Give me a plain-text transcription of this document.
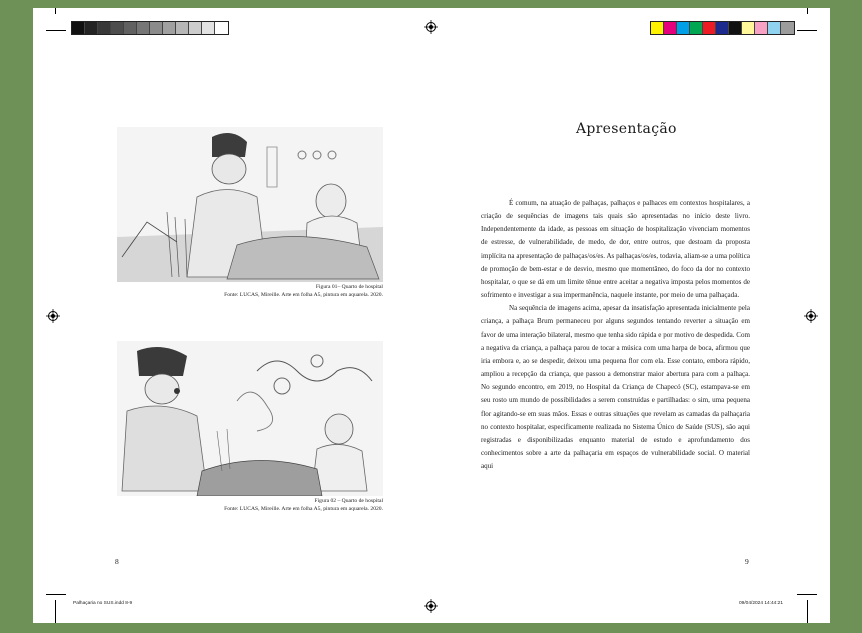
Figura 01– Quarto de hospital
Fonte: LUCAS, Mireille. Arte em folha A5, pintura em aquarela. 2020.
Figura 02 – Quarto de hospital
Fonte: LUCAS, Mireille. Arte em folha A5, pintura em aquarela. 2020.
8
Apresentação

É comum, na atuação de palhaças, palhaços e palhaces em contextos hospitalares, a criação de sequências de imagens tais quais são apresentadas no início deste livro. Independentemente da idade, as pessoas em situação de hospitalização vivenciam momentos de estresse, de vulnerabilidade, de medo, de dor, entre outros, que destoam da proposta implícita na apresentação de palhaças/os/es. As palhaças/os/es, todavia, aliam-se a uma política de promoção de bem-estar e de desvio, mesmo que momentâneo, do foco da dor no contexto hospitalar, o que se dá em um limite tênue entre aceitar a negativa imposta pelos momentos de sofrimento e investigar a sua impermanência, naquele instante, por meio de uma palhaçada.

Na sequência de imagens acima, apesar da insatisfação apresentada inicialmente pela criança, a palhaça Brum permaneceu por alguns segundos tentando reverter a situação em favor de uma interação bilateral, mesmo que tenha sido rápida e por motivo de despedida. Com a negativa da criança, a palhaça parou de tocar a música com uma harpa de boca, afirmou que iria embora e, ao se despedir, deixou uma pequena flor com ela. Esse contato, embora rápido, ampliou a recepção da criança, que passou a demonstrar maior abertura para com a palhaça. No segundo encontro, em 2019, no Hospital da Criança de Chapecó (SC), estampava-se em seu rosto um mundo de possibilidades a serem construídas e partilhadas: o sim, uma pequena flor agitando-se em suas mãos. Essas e outras situações que revelam as camadas da palhaçaria no contexto hospitalar, especificamente realizada no Sistema Único de Saúde (SUS), são aqui registradas e disponibilizadas enquanto material de estudo e aprofundamento dos conhecimentos sobre a arte da palhaçaria em espaços de vulnerabilidade social. O material aqui

9
Palhaçaria no SUS.indd 8-9	09/04/2024 14:44:21
